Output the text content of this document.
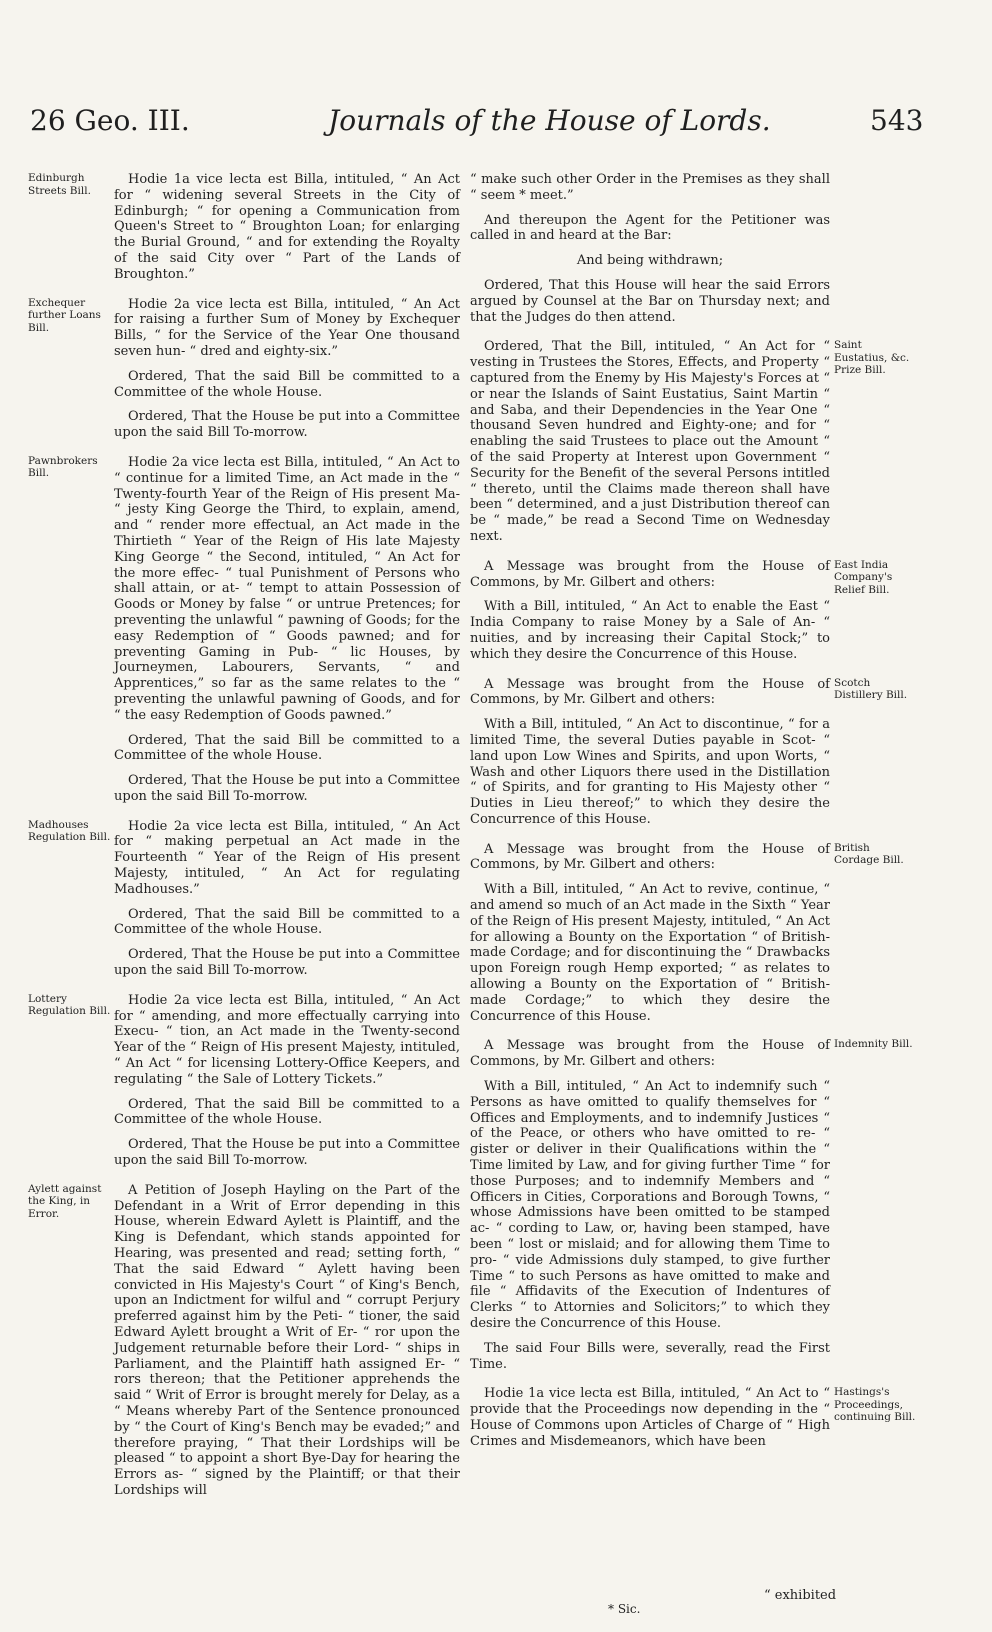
26 Geo. III.	Journals of the House of Lords.	543
Edinburgh Streets Bill.

Hodie 1a vice lecta est Billa, intituled, “ An Act for “ widening several Streets in the City of Edinburgh; “ for opening a Communication from Queen's Street to “ Broughton Loan; for enlarging the Burial Ground, “ and for extending the Royalty of the said City over “ Part of the Lands of Broughton.”

Exchequer further Loans Bill.

Hodie 2a vice lecta est Billa, intituled, “ An Act for raising a further Sum of Money by Exchequer Bills, “ for the Service of the Year One thousand seven hun- “ dred and eighty-six.”

Ordered, That the said Bill be committed to a Committee of the whole House.

Ordered, That the House be put into a Committee upon the said Bill To-morrow.

Pawnbrokers Bill.

Hodie 2a vice lecta est Billa, intituled, “ An Act to “ continue for a limited Time, an Act made in the “ Twenty-fourth Year of the Reign of His present Ma- “ jesty King George the Third, to explain, amend, and “ render more effectual, an Act made in the Thirtieth “ Year of the Reign of His late Majesty King George “ the Second, intituled, “ An Act for the more effec- “ tual Punishment of Persons who shall attain, or at- “ tempt to attain Possession of Goods or Money by false “ or untrue Pretences; for preventing the unlawful “ pawning of Goods; for the easy Redemption of “ Goods pawned; and for preventing Gaming in Pub- “ lic Houses, by Journeymen, Labourers, Servants, “ and Apprentices,” so far as the same relates to the “ preventing the unlawful pawning of Goods, and for “ the easy Redemption of Goods pawned.”

Ordered, That the said Bill be committed to a Committee of the whole House.

Ordered, That the House be put into a Committee upon the said Bill To-morrow.

Madhouses Regulation Bill.

Hodie 2a vice lecta est Billa, intituled, “ An Act for “ making perpetual an Act made in the Fourteenth “ Year of the Reign of His present Majesty, intituled, “ An Act for regulating Madhouses.”

Ordered, That the said Bill be committed to a Committee of the whole House.

Ordered, That the House be put into a Committee upon the said Bill To-morrow.

Lottery Regulation Bill.

Hodie 2a vice lecta est Billa, intituled, “ An Act for “ amending, and more effectually carrying into Execu- “ tion, an Act made in the Twenty-second Year of the “ Reign of His present Majesty, intituled, “ An Act “ for licensing Lottery-Office Keepers, and regulating “ the Sale of Lottery Tickets.”

Ordered, That the said Bill be committed to a Committee of the whole House.

Ordered, That the House be put into a Committee upon the said Bill To-morrow.

Aylett against the King, in Error.

A Petition of Joseph Hayling on the Part of the Defendant in a Writ of Error depending in this House, wherein Edward Aylett is Plaintiff, and the King is Defendant, which stands appointed for Hearing, was presented and read; setting forth, “ That the said Edward “ Aylett having been convicted in His Majesty's Court “ of King's Bench, upon an Indictment for wilful and “ corrupt Perjury preferred against him by the Peti- “ tioner, the said Edward Aylett brought a Writ of Er- “ ror upon the Judgement returnable before their Lord- “ ships in Parliament, and the Plaintiff hath assigned Er- “ rors thereon; that the Petitioner apprehends the said “ Writ of Error is brought merely for Delay, as a “ Means whereby Part of the Sentence pronounced by “ the Court of King's Bench may be evaded;” and therefore praying, “ That their Lordships will be pleased “ to appoint a short Bye-Day for hearing the Errors as- “ signed by the Plaintiff; or that their Lordships will

“ make such other Order in the Premises as they shall “ seem * meet.”

And thereupon the Agent for the Petitioner was called in and heard at the Bar:

And being withdrawn;

Ordered, That this House will hear the said Errors argued by Counsel at the Bar on Thursday next; and that the Judges do then attend.

Saint Eustatius, &c. Prize Bill.

Ordered, That the Bill, intituled, “ An Act for “ vesting in Trustees the Stores, Effects, and Property “ captured from the Enemy by His Majesty's Forces at “ or near the Islands of Saint Eustatius, Saint Martin “ and Saba, and their Dependencies in the Year One “ thousand Seven hundred and Eighty-one; and for “ enabling the said Trustees to place out the Amount “ of the said Property at Interest upon Government “ Security for the Benefit of the several Persons intitled “ thereto, until the Claims made thereon shall have been “ determined, and a just Distribution thereof can be “ made,” be read a Second Time on Wednesday next.

East India Company's Relief Bill.

A Message was brought from the House of Commons, by Mr. Gilbert and others:

With a Bill, intituled, “ An Act to enable the East “ India Company to raise Money by a Sale of An- “ nuities, and by increasing their Capital Stock;” to which they desire the Concurrence of this House.

Scotch Distillery Bill.

A Message was brought from the House of Commons, by Mr. Gilbert and others:

With a Bill, intituled, “ An Act to discontinue, “ for a limited Time, the several Duties payable in Scot- “ land upon Low Wines and Spirits, and upon Worts, “ Wash and other Liquors there used in the Distillation “ of Spirits, and for granting to His Majesty other “ Duties in Lieu thereof;” to which they desire the Concurrence of this House.

British Cordage Bill.

A Message was brought from the House of Commons, by Mr. Gilbert and others:

With a Bill, intituled, “ An Act to revive, continue, “ and amend so much of an Act made in the Sixth “ Year of the Reign of His present Majesty, intituled, “ An Act for allowing a Bounty on the Exportation “ of British-made Cordage; and for discontinuing the “ Drawbacks upon Foreign rough Hemp exported; “ as relates to allowing a Bounty on the Exportation of “ British-made Cordage;” to which they desire the Concurrence of this House.

Indemnity Bill.

A Message was brought from the House of Commons, by Mr. Gilbert and others:

With a Bill, intituled, “ An Act to indemnify such “ Persons as have omitted to qualify themselves for “ Offices and Employments, and to indemnify Justices “ of the Peace, or others who have omitted to re- “ gister or deliver in their Qualifications within the “ Time limited by Law, and for giving further Time “ for those Purposes; and to indemnify Members and “ Officers in Cities, Corporations and Borough Towns, “ whose Admissions have been omitted to be stamped ac- “ cording to Law, or, having been stamped, have been “ lost or mislaid; and for allowing them Time to pro- “ vide Admissions duly stamped, to give further Time “ to such Persons as have omitted to make and file “ Affidavits of the Execution of Indentures of Clerks “ to Attornies and Solicitors;” to which they desire the Concurrence of this House.

The said Four Bills were, severally, read the First Time.

Hastings's Proceedings, continuing Bill.

Hodie 1a vice lecta est Billa, intituled, “ An Act to “ provide that the Proceedings now depending in the “ House of Commons upon Articles of Charge of “ High Crimes and Misdemeanors, which have been

“ exhibited
* Sic.
